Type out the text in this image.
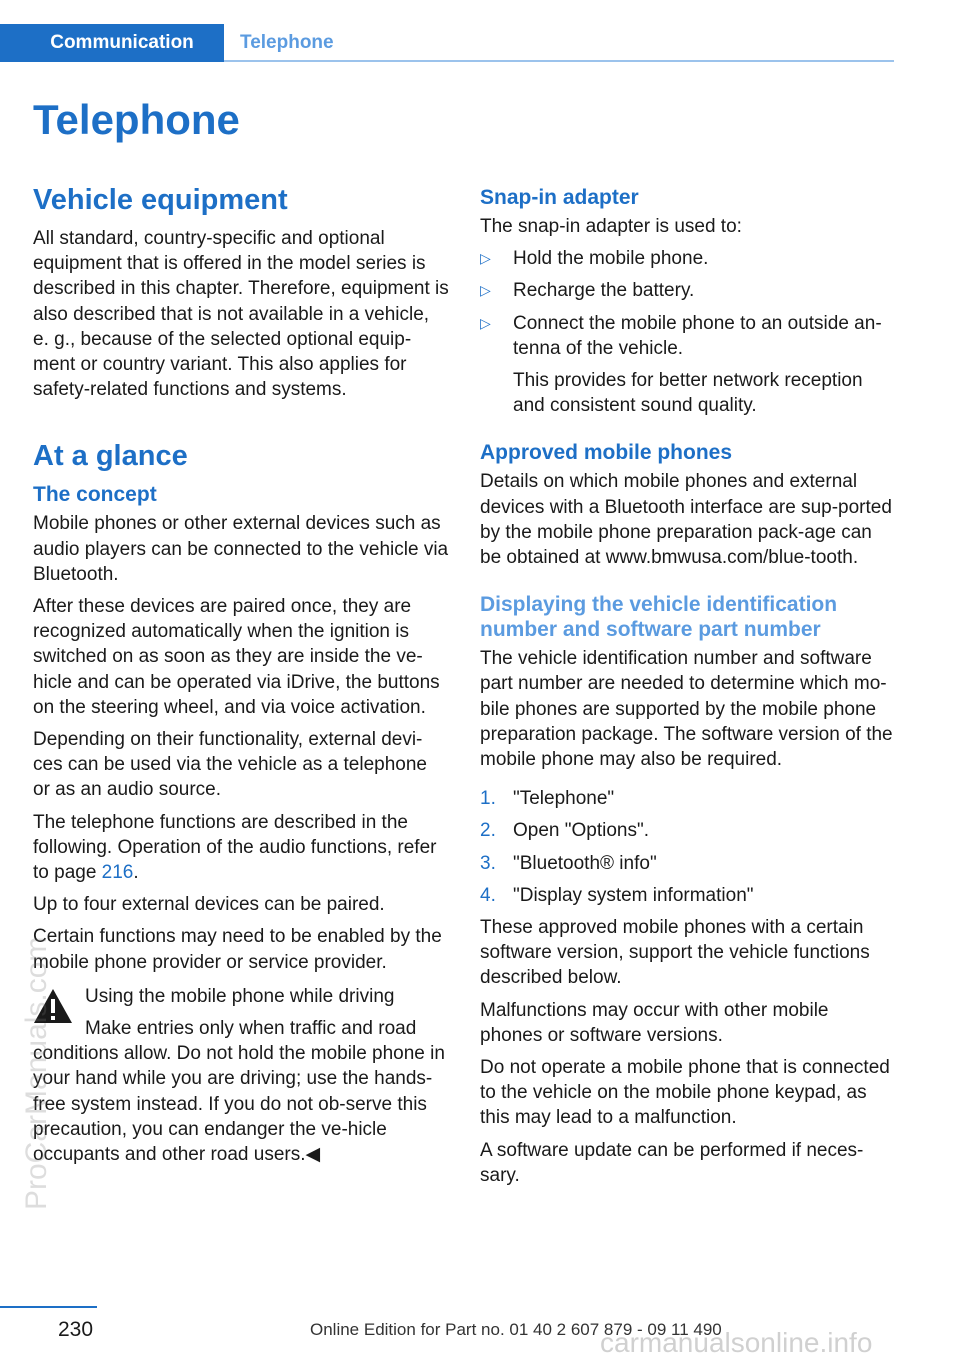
Communication	Telephone
Telephone
Vehicle equipment

All standard, country-specific and optional equipment that is offered in the model series is described in this chapter. Therefore, equipment is also described that is not available in a vehicle, e. g., because of the selected optional equip-ment or country variant. This also applies for safety-related functions and systems.

At a glance
The concept

Mobile phones or other external devices such as audio players can be connected to the vehicle via Bluetooth.

After these devices are paired once, they are recognized automatically when the ignition is switched on as soon as they are inside the ve-hicle and can be operated via iDrive, the buttons on the steering wheel, and via voice activation.

Depending on their functionality, external devi-ces can be used via the vehicle as a telephone or as an audio source.

The telephone functions are described in the following. Operation of the audio functions, refer to page 216.

Up to four external devices can be paired.

Certain functions may need to be enabled by the mobile phone provider or service provider.

Using the mobile phone while driving

Make entries only when traffic and road conditions allow. Do not hold the mobile phone in your hand while you are driving; use the hands-free system instead. If you do not ob-serve this precaution, you can endanger the ve-hicle occupants and other road users.◀

Snap-in adapter

The snap-in adapter is used to:

▷ Hold the mobile phone.
▷ Recharge the battery.
▷ Connect the mobile phone to an outside an-tenna of the vehicle.
This provides for better network reception and consistent sound quality.
Approved mobile phones

Details on which mobile phones and external devices with a Bluetooth interface are sup-ported by the mobile phone preparation pack-age can be obtained at www.bmwusa.com/blue-tooth.

Displaying the vehicle identification number and software part number

The vehicle identification number and software part number are needed to determine which mo-bile phones are supported by the mobile phone preparation package. The software version of the mobile phone may also be required.

1. "Telephone"
2. Open "Options".
3. "Bluetooth® info"
4. "Display system information"

These approved mobile phones with a certain software version, support the vehicle functions described below.

Malfunctions may occur with other mobile phones or software versions.

Do not operate a mobile phone that is connected to the vehicle on the mobile phone keypad, as this may lead to a malfunction.

A software update can be performed if neces-sary.

ProCarManuals.com
230	Online Edition for Part no. 01 40 2 607 879 - 09 11 490
carmanualsonline.info
